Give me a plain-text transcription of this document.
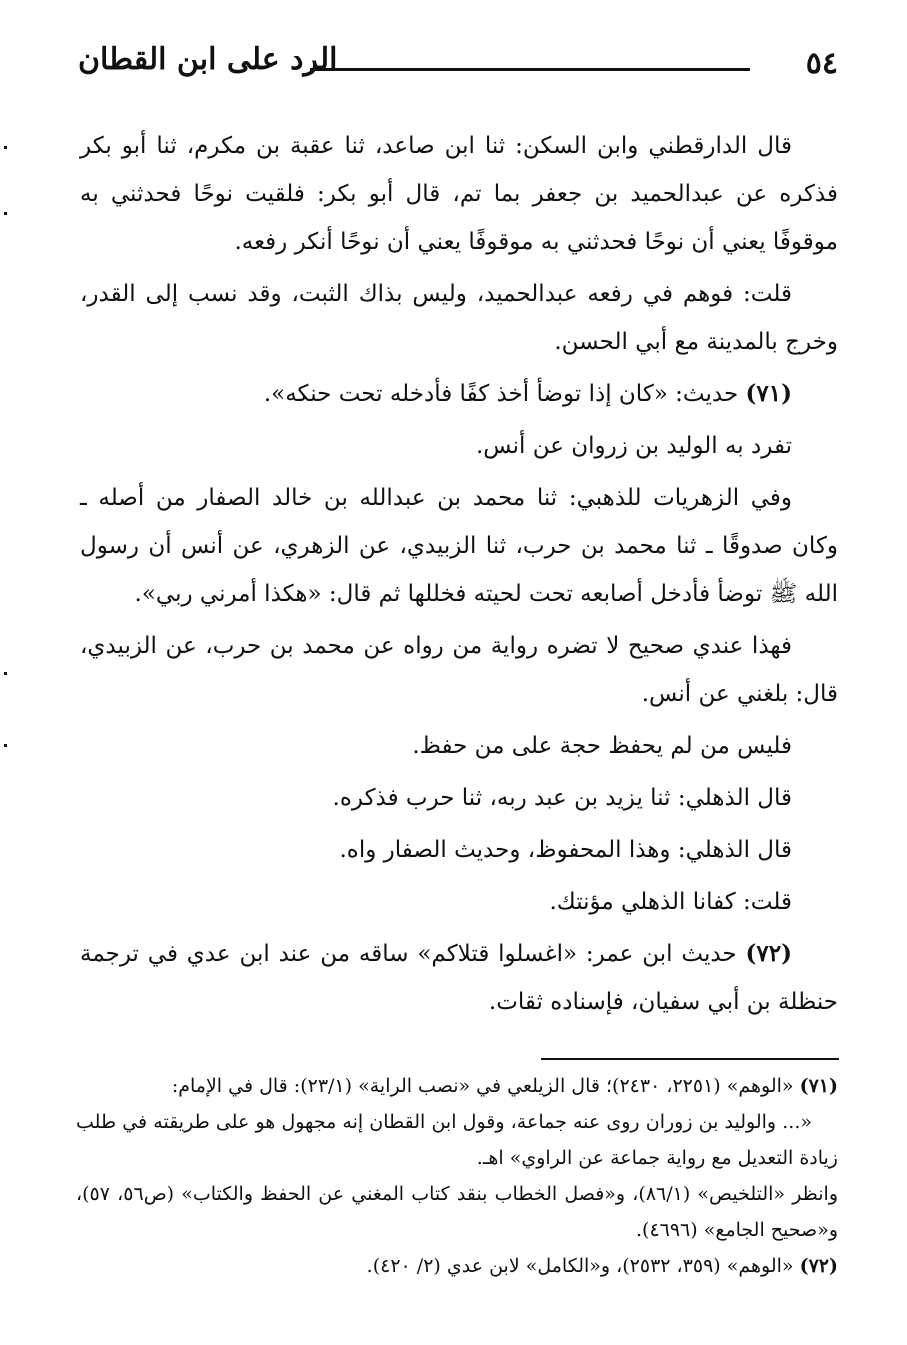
٥٤
الرد على ابن القطان

قال الدارقطني وابن السكن: ثنا ابن صاعد، ثنا عقبة بن مكرم، ثنا أبو بكر فذكره عن عبدالحميد بن جعفر بما تم، قال أبو بكر: فلقيت نوحًا فحدثني به موقوفًا يعني أن نوحًا فحدثني به موقوفًا يعني أن نوحًا أنكر رفعه.

قلت: فوهم في رفعه عبدالحميد، وليس بذاك الثبت، وقد نسب إلى القدر، وخرج بالمدينة مع أبي الحسن.

(٧١) حديث: «كان إذا توضأ أخذ كفًا فأدخله تحت حنكه».

تفرد به الوليد بن زروان عن أنس.

وفي الزهريات للذهبي: ثنا محمد بن عبدالله بن خالد الصفار من أصله ـ وكان صدوقًا ـ ثنا محمد بن حرب، ثنا الزبيدي، عن الزهري، عن أنس أن رسول الله ﷺ توضأ فأدخل أصابعه تحت لحيته فخللها ثم قال: «هكذا أمرني ربي».

فهذا عندي صحيح لا تضره رواية من رواه عن محمد بن حرب، عن الزبيدي، قال: بلغني عن أنس.

فليس من لم يحفظ حجة على من حفظ.

قال الذهلي: ثنا يزيد بن عبد ربه، ثنا حرب فذكره.

قال الذهلي: وهذا المحفوظ، وحديث الصفار واه.

قلت: كفانا الذهلي مؤنتك.

(٧٢) حديث ابن عمر: «اغسلوا قتلاكم» ساقه من عند ابن عدي في ترجمة حنظلة بن أبي سفيان، فإسناده ثقات.

(٧١) «الوهم» (٢٢٥١، ٢٤٣٠)؛ قال الزيلعي في «نصب الراية» (٢٣/١): قال في الإمام:

«... والوليد بن زوران روى عنه جماعة، وقول ابن القطان إنه مجهول هو على طريقته في طلب زيادة التعديل مع رواية جماعة عن الراوي» اهـ.

وانظر «التلخيص» (٨٦/١)، و«فصل الخطاب بنقد كتاب المغني عن الحفظ والكتاب» (ص٥٦، ٥٧)، و«صحيح الجامع» (٤٦٩٦).

(٧٢) «الوهم» (٣٥٩، ٢٥٣٢)، و«الكامل» لابن عدي (٢/ ٤٢٠).
